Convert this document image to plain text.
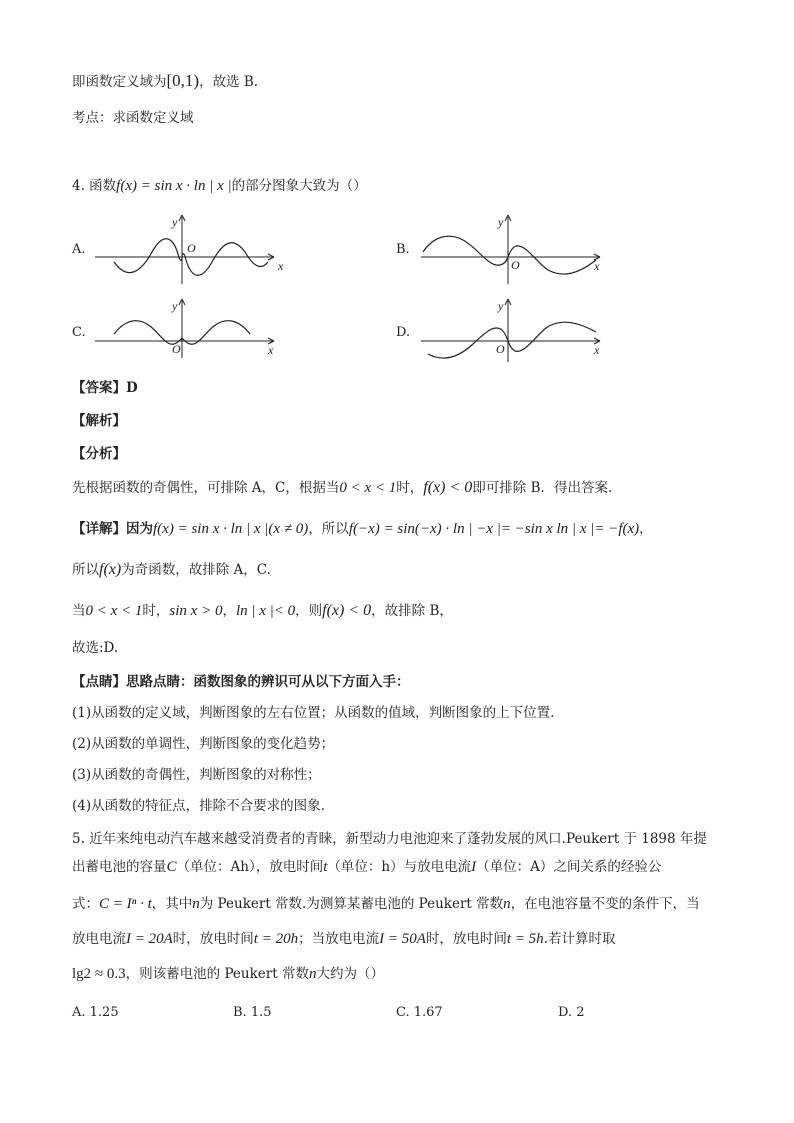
即函数定义域为[0,1)，故选 B.
考点：求函数定义域
4. 函数f(x) = sin x · ln | x |的部分图象大致为（）
A.
x
y
O	B.
x
y
O
C.
x
y
O
D.
x
y
O
【答案】D
【解析】
【分析】
先根据函数的奇偶性，可排除 A，C，根据当0 < x < 1时，f(x) < 0即可排除 B．得出答案.
【详解】因为f(x) = sin x · ln | x |(x ≠ 0)，所以f(−x) = sin(−x) · ln | −x |= −sin x ln | x |= −f(x)，
所以f(x)为奇函数，故排除 A，C.
当0 < x < 1时，sin x > 0，ln | x |< 0，则f(x) < 0，故排除 B，
故选:D.
【点睛】思路点睛：函数图象的辨识可从以下方面入手：
(1)从函数的定义域，判断图象的左右位置；从函数的值域，判断图象的上下位置.
(2)从函数的单调性，判断图象的变化趋势；
(3)从函数的奇偶性，判断图象的对称性；
(4)从函数的特征点，排除不合要求的图象.
5. 近年来纯电动汽车越来越受消费者的青睐，新型动力电池迎来了蓬勃发展的风口.Peukert 于 1898 年提
出蓄电池的容量C（单位：Ah），放电时间t（单位：h）与放电电流I（单位：A）之间关系的经验公
式：C = Iⁿ · t，其中n为 Peukert 常数.为测算某蓄电池的 Peukert 常数n，在电池容量不变的条件下，当
放电电流I = 20A时，放电时间t = 20h；当放电电流I = 50A时，放电时间t = 5h.若计算时取
lg2 ≈ 0.3，则该蓄电池的 Peukert 常数n大约为（）
A. 1.25	B. 1.5	C. 1.67	D. 2
